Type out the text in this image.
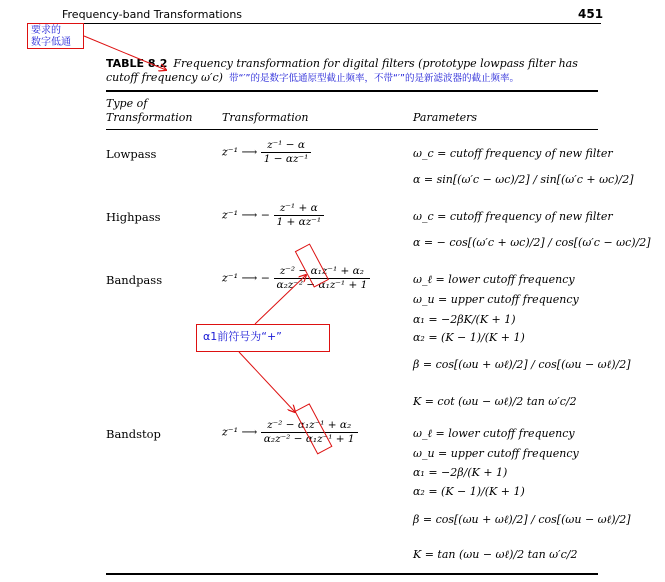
Frequency-band Transformations	451
TABLE 8.2 Frequency transformation for digital filters (prototype lowpass filter has cutoff frequency ω′c) 带“′”的是数字低通原型截止频率，不带“′”的是新滤波器的截止频率。
Type of Transformation	Transformation	Parameters
Lowpass	z⁻¹ ⟶ $\frac{\text{z⁻¹ − α}}{\text{1 − αz⁻¹}}$	ω_c = cutoff frequency of new filter
α = sin[(ω′c − ωc)/2] / sin[(ω′c + ωc)/2]
Highpass	z⁻¹ ⟶ − $\frac{\text{z⁻¹ + α}}{\text{1 + αz⁻¹}}$	ω_c = cutoff frequency of new filter
α = − cos[(ω′c + ωc)/2] / cos[(ω′c − ωc)/2]
Bandpass	z⁻¹ ⟶ − $\frac{\text{z⁻² − α₁z⁻¹ + α₂}}{\text{α₂z⁻² − α₁z⁻¹ + 1}}$	ω_ℓ = lower cutoff frequency
ω_u = upper cutoff frequency
α₁ = −2βK/(K + 1)
α₂ = (K − 1)/(K + 1)
β = cos[(ωu + ωℓ)/2] / cos[(ωu − ωℓ)/2]
K = cot (ωu − ωℓ)/2 tan ω′c/2
Bandstop	z⁻¹ ⟶ $\frac{\text{z⁻² − α₁z⁻¹ + α₂}}{\text{α₂z⁻² − α₁z⁻¹ + 1}}$	ω_ℓ = lower cutoff frequency
ω_u = upper cutoff frequency
α₁ = −2β/(K + 1)
α₂ = (K − 1)/(K + 1)
β = cos[(ωu + ωℓ)/2] / cos[(ωu − ωℓ)/2]
K = tan (ωu − ωℓ)/2 tan ω′c/2
要求的
数字低通
α1前符号为“+”
